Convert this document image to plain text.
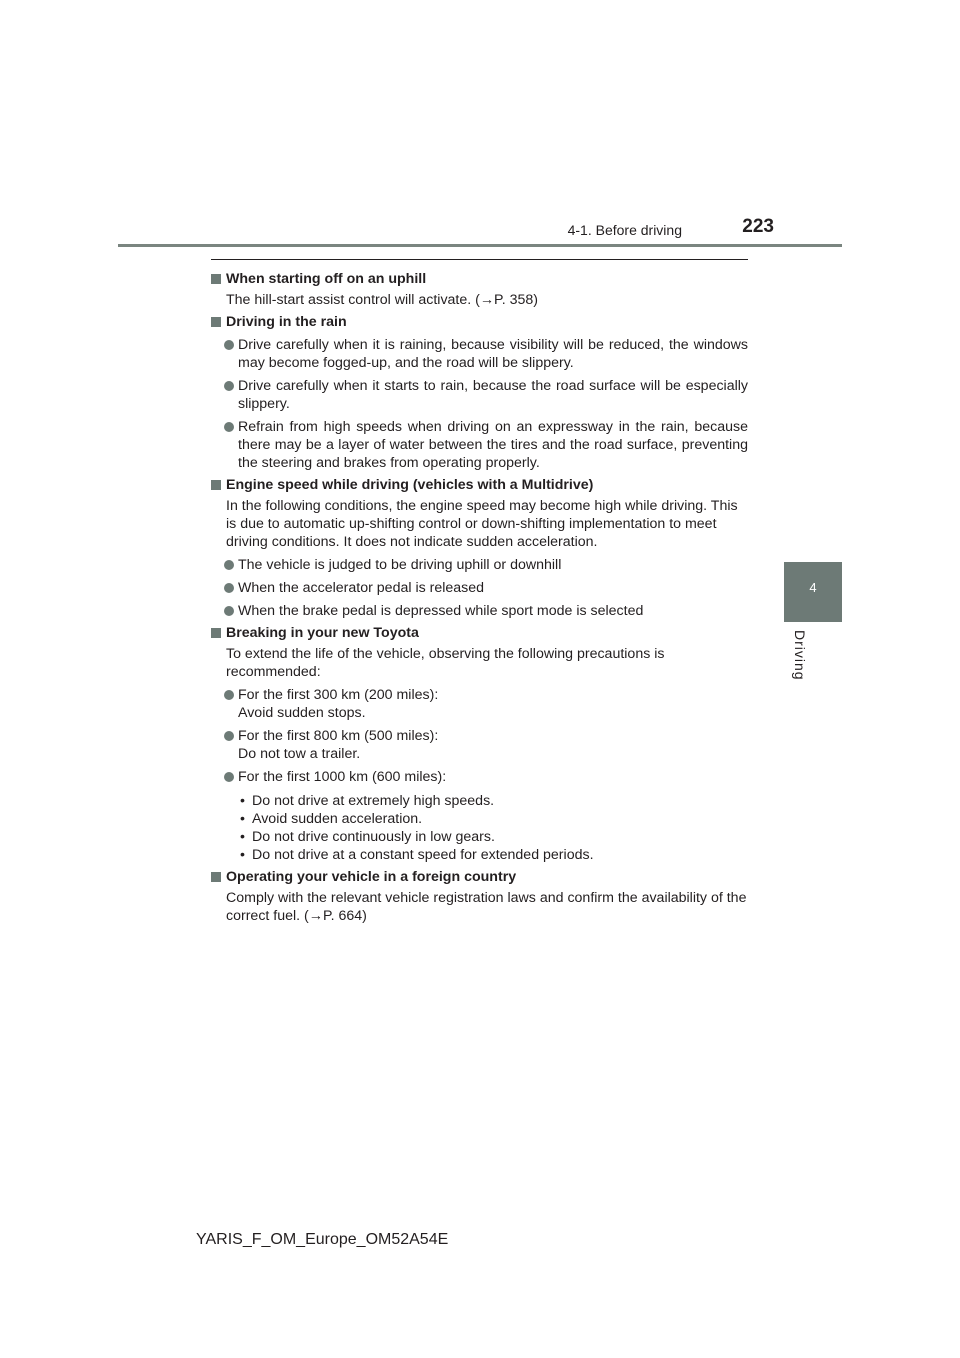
4-1. Before driving	223
4
Driving
When starting off on an uphill
The hill-start assist control will activate. (→P. 358)
Driving in the rain
Drive carefully when it is raining, because visibility will be reduced, the windows may become fogged-up, and the road will be slippery.
Drive carefully when it starts to rain, because the road surface will be especially slippery.
Refrain from high speeds when driving on an expressway in the rain, because there may be a layer of water between the tires and the road surface, preventing the steering and brakes from operating properly.
Engine speed while driving (vehicles with a Multidrive)
In the following conditions, the engine speed may become high while driving. This is due to automatic up-shifting control or down-shifting implementation to meet driving conditions. It does not indicate sudden acceleration.
The vehicle is judged to be driving uphill or downhill
When the accelerator pedal is released
When the brake pedal is depressed while sport mode is selected
Breaking in your new Toyota
To extend the life of the vehicle, observing the following precautions is recommended:
For the first 300 km (200 miles):
Avoid sudden stops.
For the first 800 km (500 miles):
Do not tow a trailer.
For the first 1000 km (600 miles):
• Do not drive at extremely high speeds.
• Avoid sudden acceleration.
• Do not drive continuously in low gears.
• Do not drive at a constant speed for extended periods.
Operating your vehicle in a foreign country
Comply with the relevant vehicle registration laws and confirm the availability of the correct fuel. (→P. 664)
YARIS_F_OM_Europe_OM52A54E
